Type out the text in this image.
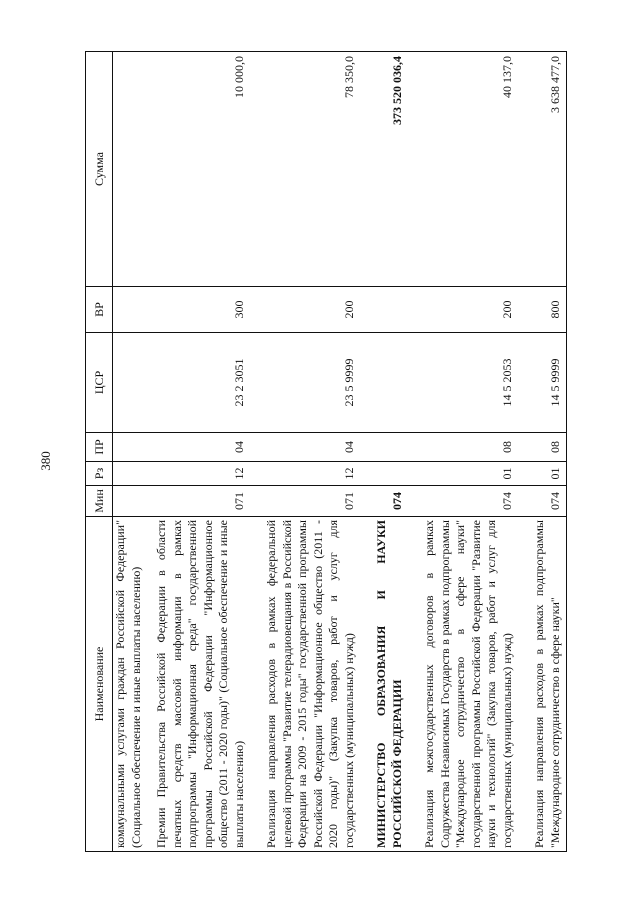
380
Наименование	Мин	Рз	ПР	ЦСР	ВР	Сумма
коммунальными услугами граждан Российской Федерации" (Социальное обеспечение и иные выплаты населению)						
Премии Правительства Российской Федерации в области печатных средств массовой информации в рамках подпрограммы "Информационная среда" государственной программы Российской Федерации "Информационное общество (2011 - 2020 годы)" (Социальное обеспечение и иные выплаты населению)	071	12	04	23 2 3051	300	10 000,0

Реализация направления расходов в рамках федеральной целевой программы "Развитие телерадиовещания в Российской Федерации на 2009 - 2015 годы" государственной программы Российской Федерации "Информационное общество (2011 - 2020 годы)" (Закупка товаров, работ и услуг для государственных (муниципальных) нужд)	071	12	04	23 5 9999	200	78 350,0

МИНИСТЕРСТВО ОБРАЗОВАНИЯ И НАУКИ РОССИЙСКОЙ ФЕДЕРАЦИИ	074					373 520 036,4

Реализация межгосударственных договоров в рамках Содружества Независимых Государств в рамках подпрограммы "Международное сотрудничество в сфере науки" государственной программы Российской Федерации "Развитие науки и технологий" (Закупка товаров, работ и услуг для государственных (муниципальных) нужд)	074	01	08	14 5 2053	200	40 137,0

Реализация направления расходов в рамках подпрограммы "Международное сотрудничество в сфере науки"	074	01	08	14 5 9999	800	3 638 477,0
